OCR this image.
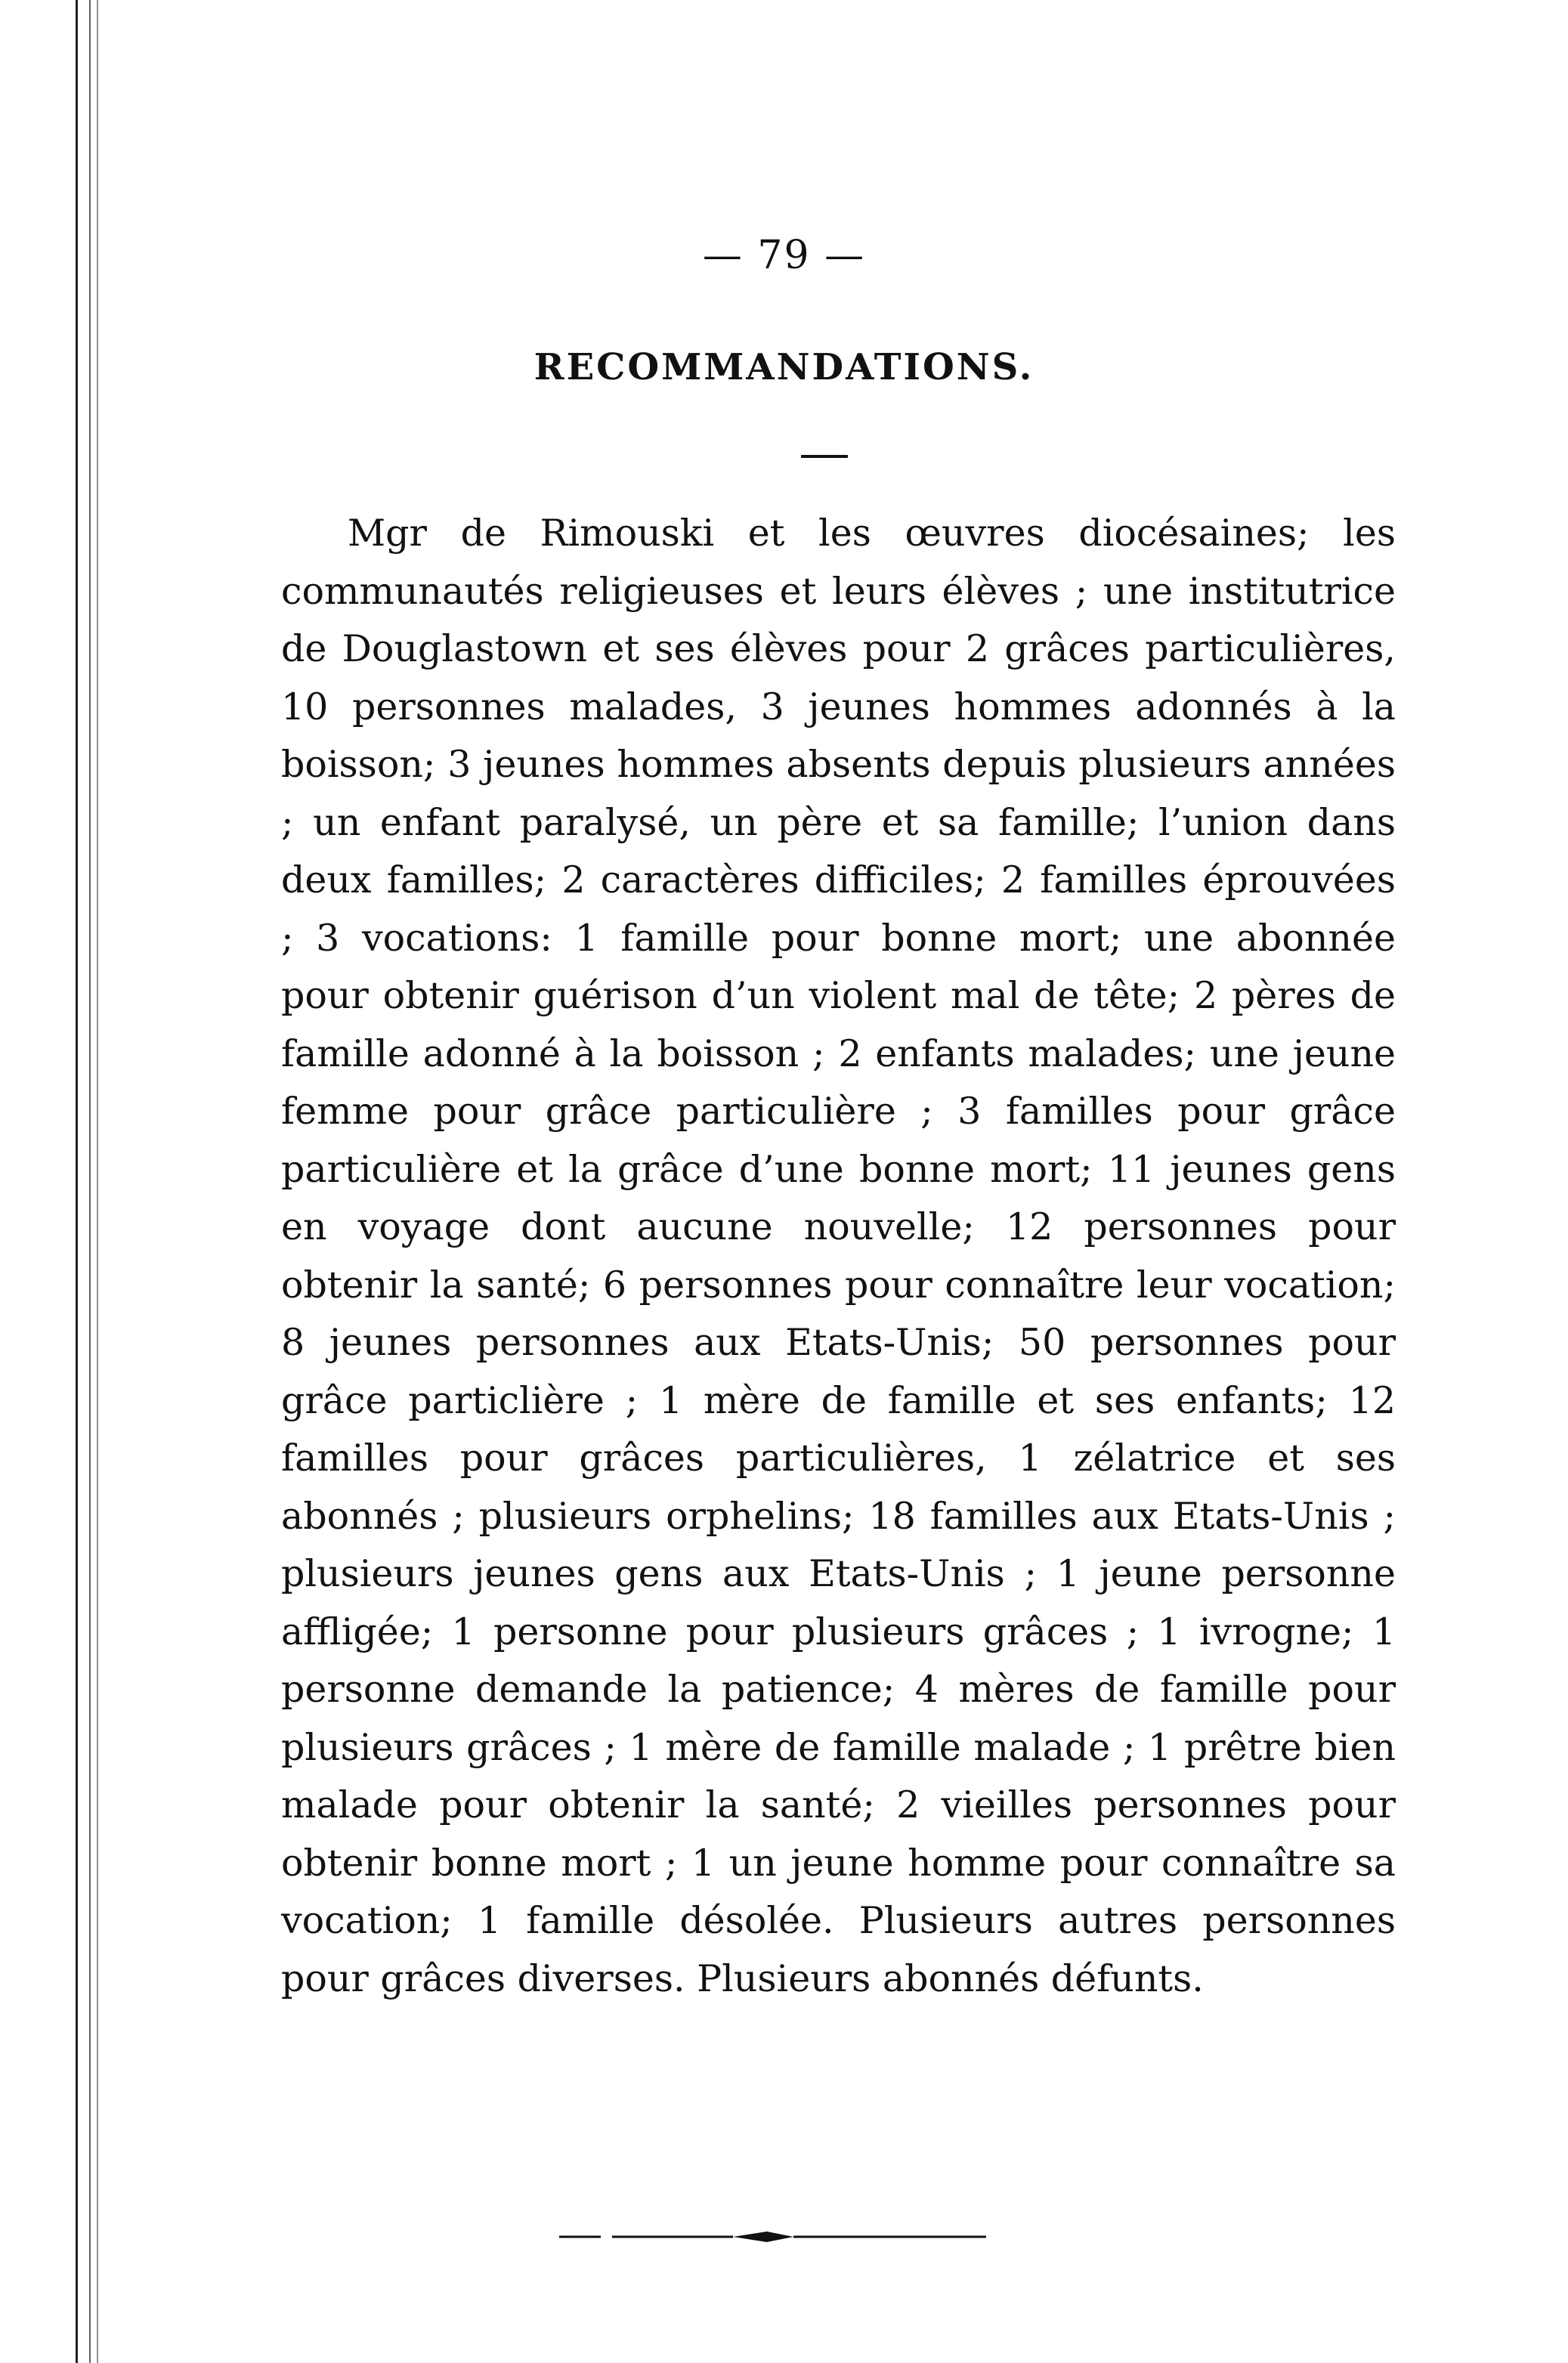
— 79 —
RECOMMANDATIONS.

Mgr de Rimouski et les œuvres diocésaines; les communautés religieuses et leurs élèves ; une institutrice de Douglastown et ses élèves pour 2 grâces particulières, 10 personnes malades, 3 jeunes hommes adonnés à la boisson; 3 jeunes hommes absents depuis plusieurs années ; un enfant paralysé, un père et sa famille; l’union dans deux familles; 2 caractères difficiles; 2 familles éprouvées ; 3 vocations: 1 famille pour bonne mort; une abonnée pour obtenir guérison d’un violent mal de tête; 2 pères de famille adonné à la boisson ; 2 enfants malades; une jeune femme pour grâce particulière ; 3 familles pour grâce particulière et la grâce d’une bonne mort; 11 jeunes gens en voyage dont aucune nouvelle; 12 personnes pour obtenir la santé; 6 personnes pour connaître leur vocation; 8 jeunes personnes aux Etats-Unis; 50 personnes pour grâce particlière ; 1 mère de famille et ses enfants; 12 familles pour grâces particulières, 1 zélatrice et ses abonnés ; plusieurs orphelins; 18 familles aux Etats-Unis ; plusieurs jeunes gens aux Etats-Unis ; 1 jeune personne affligée; 1 personne pour plusieurs grâces ; 1 ivrogne; 1 personne demande la patience; 4 mères de famille pour plusieurs grâces ; 1 mère de famille malade ; 1 prêtre bien malade pour obtenir la santé; 2 vieilles personnes pour obtenir bonne mort ; 1 un jeune homme pour connaître sa vocation; 1 famille désolée. Plusieurs autres personnes pour grâces diverses. Plusieurs abonnés défunts.
